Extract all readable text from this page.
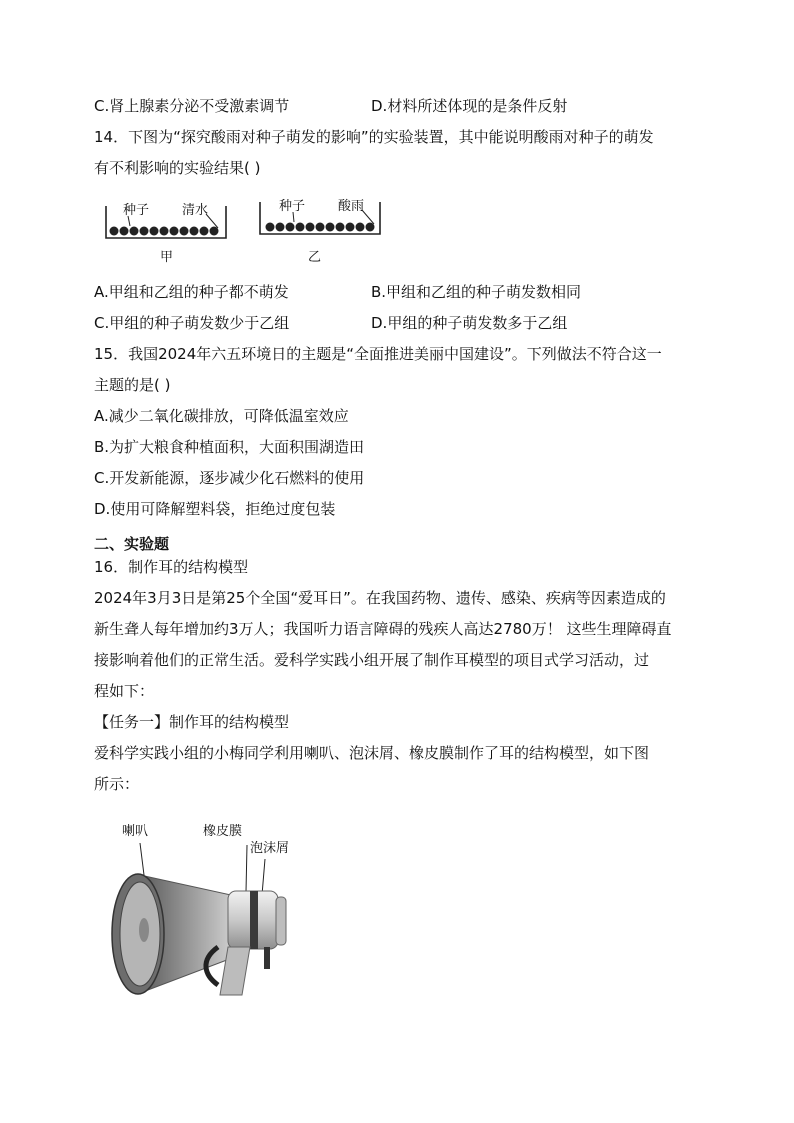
C.肾上腺素分泌不受激素调节	D.材料所述体现的是条件反射
14．下图为“探究酸雨对种子萌发的影响”的实验装置，其中能说明酸雨对种子的萌发
有不利影响的实验结果( )
种子	清水
甲
种子	酸雨
乙
A.甲组和乙组的种子都不萌发	B.甲组和乙组的种子萌发数相同
C.甲组的种子萌发数少于乙组	D.甲组的种子萌发数多于乙组
15．我国2024年六五环境日的主题是“全面推进美丽中国建设”。下列做法不符合这一
主题的是( )
A.减少二氧化碳排放，可降低温室效应
B.为扩大粮食种植面积，大面积围湖造田
C.开发新能源，逐步减少化石燃料的使用
D.使用可降解塑料袋，拒绝过度包装
二、实验题
16．制作耳的结构模型
2024年3月3日是第25个全国“爱耳日”。在我国药物、遗传、感染、疾病等因素造成的
新生聋人每年增加约3万人；我国听力语言障碍的残疾人高达2780万！ 这些生理障碍直
接影响着他们的正常生活。爱科学实践小组开展了制作耳模型的项目式学习活动，过
程如下：
【任务一】制作耳的结构模型
爱科学实践小组的小梅同学利用喇叭、泡沫屑、橡皮膜制作了耳的结构模型，如下图
所示：
喇叭	橡皮膜
泡沫屑
